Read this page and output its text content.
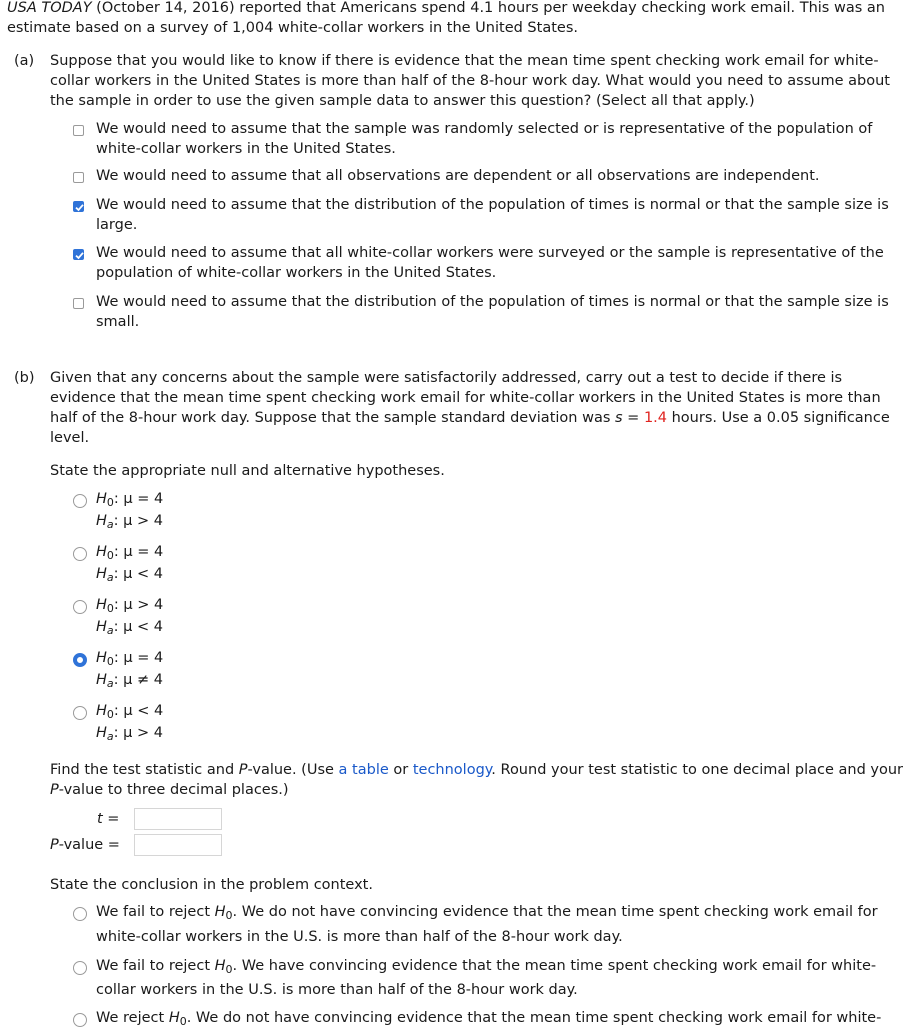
USA TODAY (October 14, 2016) reported that Americans spend 4.1 hours per weekday checking work email. This was an
estimate based on a survey of 1,004 white-collar workers in the United States.
(a) Suppose that you would like to know if there is evidence that the mean time spent checking work email for white-
collar workers in the United States is more than half of the 8-hour work day. What would you need to assume about
the sample in order to use the given sample data to answer this question? (Select all that apply.)
We would need to assume that the sample was randomly selected or is representative of the population of
white-collar workers in the United States.
We would need to assume that all observations are dependent or all observations are independent.
We would need to assume that the distribution of the population of times is normal or that the sample size is
large.
We would need to assume that all white-collar workers were surveyed or the sample is representative of the
population of white-collar workers in the United States.
We would need to assume that the distribution of the population of times is normal or that the sample size is
small.
(b) Given that any concerns about the sample were satisfactorily addressed, carry out a test to decide if there is
evidence that the mean time spent checking work email for white-collar workers in the United States is more than
half of the 8-hour work day. Suppose that the sample standard deviation was s = 1.4 hours. Use a 0.05 significance
level.
State the appropriate null and alternative hypotheses.
$H_0$: μ = 4
$H_a$: μ > 4
$H_0$: μ = 4
$H_a$: μ < 4
$H_0$: μ > 4
$H_a$: μ < 4
$H_0$: μ = 4
$H_a$: μ ≠ 4
$H_0$: μ < 4
$H_a$: μ > 4
Find the test statistic and P-value. (Use a table or technology. Round your test statistic to one decimal place and your
P-value to three decimal places.)
t =
P-value =
State the conclusion in the problem context.
We fail to reject $H_0$. We do not have convincing evidence that the mean time spent checking work email for
white-collar workers in the U.S. is more than half of the 8-hour work day.
We fail to reject $H_0$. We have convincing evidence that the mean time spent checking work email for white-
collar workers in the U.S. is more than half of the 8-hour work day.
We reject $H_0$. We do not have convincing evidence that the mean time spent checking work email for white-
